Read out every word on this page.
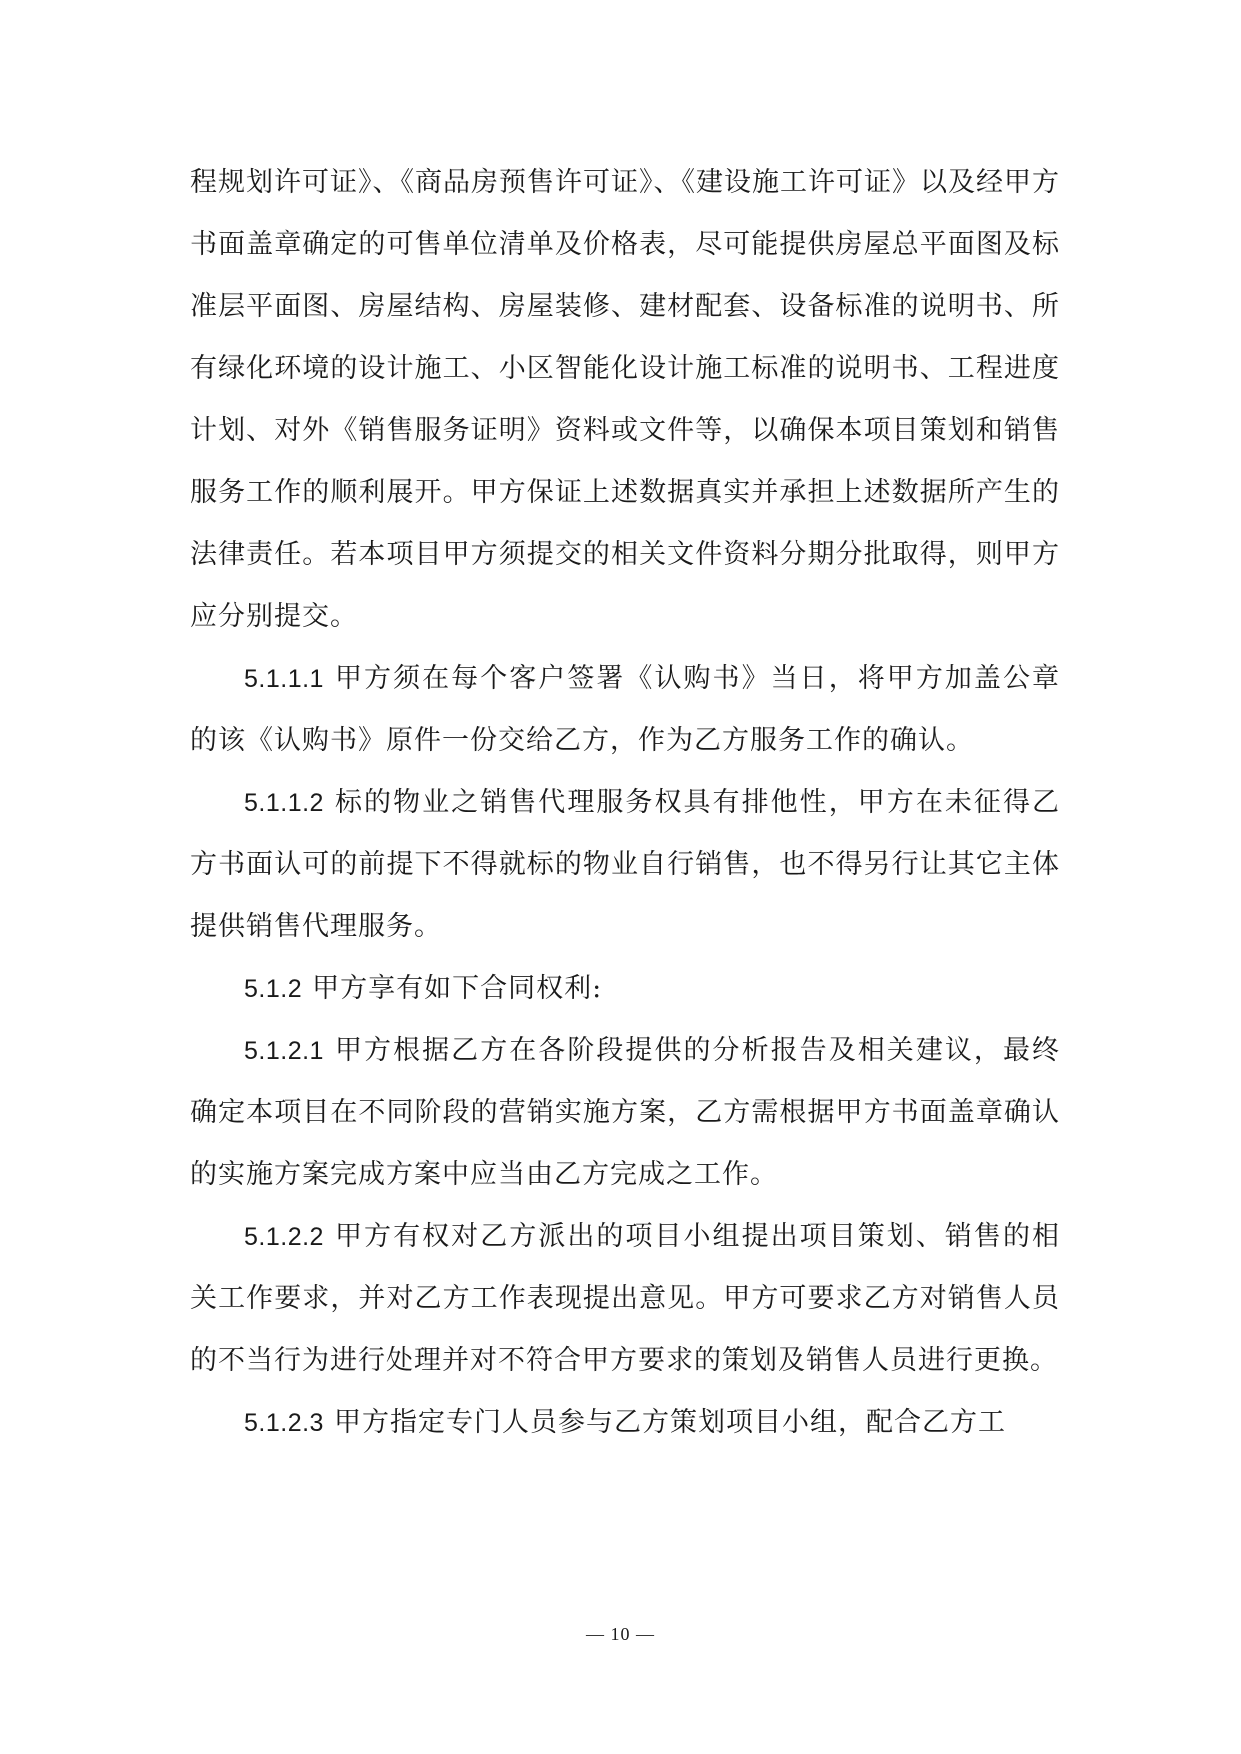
程规划许可证》、《商品房预售许可证》、《建设施工许可证》以及经甲方书面盖章确定的可售单位清单及价格表，尽可能提供房屋总平面图及标准层平面图、房屋结构、房屋装修、建材配套、设备标准的说明书、所有绿化环境的设计施工、小区智能化设计施工标准的说明书、工程进度计划、对外《销售服务证明》资料或文件等，以确保本项目策划和销售服务工作的顺利展开。甲方保证上述数据真实并承担上述数据所产生的法律责任。若本项目甲方须提交的相关文件资料分期分批取得，则甲方应分别提交。

5.1.1.1 甲方须在每个客户签署《认购书》当日，将甲方加盖公章的该《认购书》原件一份交给乙方，作为乙方服务工作的确认。

5.1.1.2 标的物业之销售代理服务权具有排他性，甲方在未征得乙方书面认可的前提下不得就标的物业自行销售，也不得另行让其它主体提供销售代理服务。

5.1.2 甲方享有如下合同权利:

5.1.2.1 甲方根据乙方在各阶段提供的分析报告及相关建议，最终确定本项目在不同阶段的营销实施方案，乙方需根据甲方书面盖章确认的实施方案完成方案中应当由乙方完成之工作。

5.1.2.2 甲方有权对乙方派出的项目小组提出项目策划、销售的相关工作要求，并对乙方工作表现提出意见。甲方可要求乙方对销售人员的不当行为进行处理并对不符合甲方要求的策划及销售人员进行更换。

5.1.2.3 甲方指定专门人员参与乙方策划项目小组，配合乙方工

— 10 —
